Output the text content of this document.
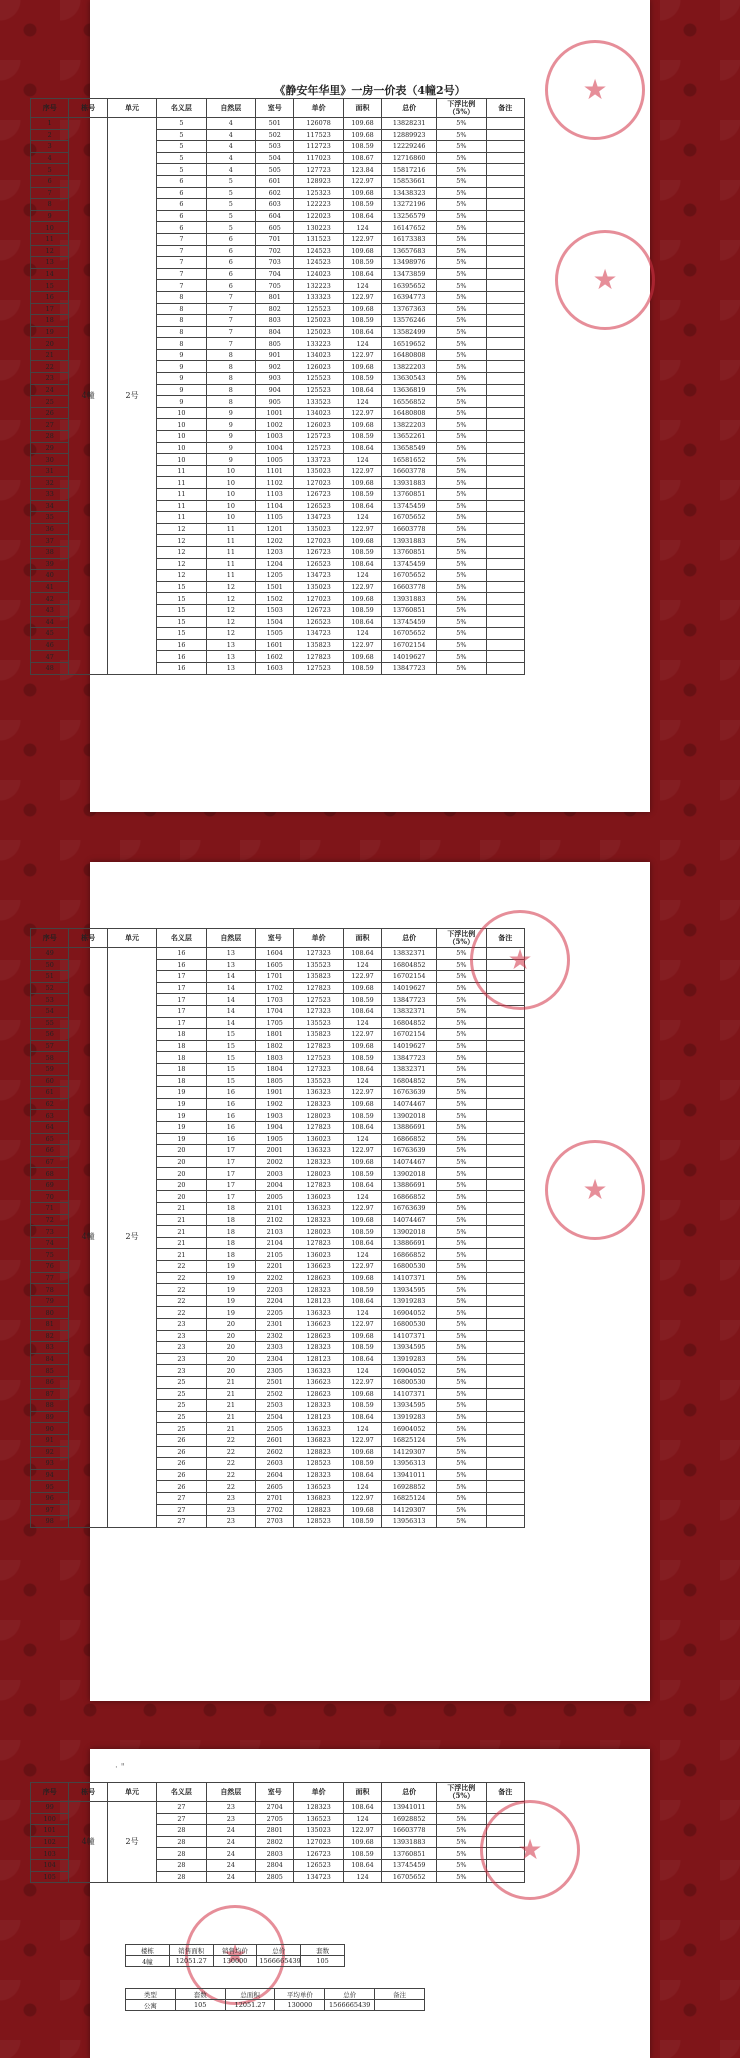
《静安年华里》一房一价表（4幢2号）
序号	栋号	单元	名义层	自然层	室号	单价	面积	总价	下浮比例（5%）	备注
1	4幢	2号	5	4	501	126078	109.68	13828231	5%	
2			5	4	502	117523	109.68	12889923	5%	
3			5	4	503	112723	108.59	12229246	5%	
4			5	4	504	117023	108.67	12716860	5%	
5			5	4	505	127723	123.84	15817216	5%	
6			6	5	601	128923	122.97	15853661	5%	
7			6	5	602	125323	109.68	13438323	5%	
8			6	5	603	122223	108.59	13272196	5%	
9			6	5	604	122023	108.64	13256579	5%	
10			6	5	605	130223	124	16147652	5%	
11			7	6	701	131523	122.97	16173383	5%	
12			7	6	702	124523	109.68	13657683	5%	
13			7	6	703	124523	108.59	13498976	5%	
14			7	6	704	124023	108.64	13473859	5%	
15			7	6	705	132223	124	16395652	5%	
16			8	7	801	133323	122.97	16394773	5%	
17			8	7	802	125523	109.68	13767363	5%	
18			8	7	803	125023	108.59	13576246	5%	
19			8	7	804	125023	108.64	13582499	5%	
20			8	7	805	133223	124	16519652	5%	
21			9	8	901	134023	122.97	16480808	5%	
22			9	8	902	126023	109.68	13822203	5%	
23			9	8	903	125523	108.59	13630543	5%	
24			9	8	904	125523	108.64	13636819	5%	
25			9	8	905	133523	124	16556852	5%	
26			10	9	1001	134023	122.97	16480808	5%	
27			10	9	1002	126023	109.68	13822203	5%	
28			10	9	1003	125723	108.59	13652261	5%	
29			10	9	1004	125723	108.64	13658549	5%	
30			10	9	1005	133723	124	16581652	5%	
31			11	10	1101	135023	122.97	16603778	5%	
32			11	10	1102	127023	109.68	13931883	5%	
33			11	10	1103	126723	108.59	13760851	5%	
34			11	10	1104	126523	108.64	13745459	5%	
35			11	10	1105	134723	124	16705652	5%	
36			12	11	1201	135023	122.97	16603778	5%	
37			12	11	1202	127023	109.68	13931883	5%	
38			12	11	1203	126723	108.59	13760851	5%	
39			12	11	1204	126523	108.64	13745459	5%	
40			12	11	1205	134723	124	16705652	5%	
41			15	12	1501	135023	122.97	16603778	5%	
42			15	12	1502	127023	109.68	13931883	5%	
43			15	12	1503	126723	108.59	13760851	5%	
44			15	12	1504	126523	108.64	13745459	5%	
45			15	12	1505	134723	124	16705652	5%	
46			16	13	1601	135823	122.97	16702154	5%	
47			16	13	1602	127823	109.68	14019627	5%	
48			16	13	1603	127523	108.59	13847723	5%	
★
★
序号	栋号	单元	名义层	自然层	室号	单价	面积	总价	下浮比例（5%）	备注
49	4幢	2号	16	13	1604	127323	108.64	13832371	5%	
50			16	13	1605	135523	124	16804852	5%	
51			17	14	1701	135823	122.97	16702154	5%	
52			17	14	1702	127823	109.68	14019627	5%	
53			17	14	1703	127523	108.59	13847723	5%	
54			17	14	1704	127323	108.64	13832371	5%	
55			17	14	1705	135523	124	16804852	5%	
56			18	15	1801	135823	122.97	16702154	5%	
57			18	15	1802	127823	109.68	14019627	5%	
58			18	15	1803	127523	108.59	13847723	5%	
59			18	15	1804	127323	108.64	13832371	5%	
60			18	15	1805	135523	124	16804852	5%	
61			19	16	1901	136323	122.97	16763639	5%	
62			19	16	1902	128323	109.68	14074467	5%	
63			19	16	1903	128023	108.59	13902018	5%	
64			19	16	1904	127823	108.64	13886691	5%	
65			19	16	1905	136023	124	16866852	5%	
66			20	17	2001	136323	122.97	16763639	5%	
67			20	17	2002	128323	109.68	14074467	5%	
68			20	17	2003	128023	108.59	13902018	5%	
69			20	17	2004	127823	108.64	13886691	5%	
70			20	17	2005	136023	124	16866852	5%	
71			21	18	2101	136323	122.97	16763639	5%	
72			21	18	2102	128323	109.68	14074467	5%	
73			21	18	2103	128023	108.59	13902018	5%	
74			21	18	2104	127823	108.64	13886691	5%	
75			21	18	2105	136023	124	16866852	5%	
76			22	19	2201	136623	122.97	16800530	5%	
77			22	19	2202	128623	109.68	14107371	5%	
78			22	19	2203	128323	108.59	13934595	5%	
79			22	19	2204	128123	108.64	13919283	5%	
80			22	19	2205	136323	124	16904052	5%	
81			23	20	2301	136623	122.97	16800530	5%	
82			23	20	2302	128623	109.68	14107371	5%	
83			23	20	2303	128323	108.59	13934595	5%	
84			23	20	2304	128123	108.64	13919283	5%	
85			23	20	2305	136323	124	16904052	5%	
86			25	21	2501	136623	122.97	16800530	5%	
87			25	21	2502	128623	109.68	14107371	5%	
88			25	21	2503	128323	108.59	13934595	5%	
89			25	21	2504	128123	108.64	13919283	5%	
90			25	21	2505	136323	124	16904052	5%	
91			26	22	2601	136823	122.97	16825124	5%	
92			26	22	2602	128823	109.68	14129307	5%	
93			26	22	2603	128523	108.59	13956313	5%	
94			26	22	2604	128323	108.64	13941011	5%	
95			26	22	2605	136523	124	16928852	5%	
96			27	23	2701	136823	122.97	16825124	5%	
97			27	23	2702	128823	109.68	14129307	5%	
98			27	23	2703	128523	108.59	13956313	5%	
★
★
· "
序号	栋号	单元	名义层	自然层	室号	单价	面积	总价	下浮比例（5%）	备注
99	4幢	2号	27	23	2704	128323	108.64	13941011	5%	
100			27	23	2705	136523	124	16928852	5%	
101			28	24	2801	135023	122.97	16603778	5%	
102			28	24	2802	127023	109.68	13931883	5%	
103			28	24	2803	126723	108.59	13760851	5%	
104			28	24	2804	126523	108.64	13745459	5%	
105			28	24	2805	134723	124	16705652	5%	
★
★
楼栋	销售面积	销售均价	总价	套数
4幢	12051.27	130000	1566665439	105
类型	套数	总面积	平均单价	总价	备注
公寓	105	12051.27	130000	1566665439	
